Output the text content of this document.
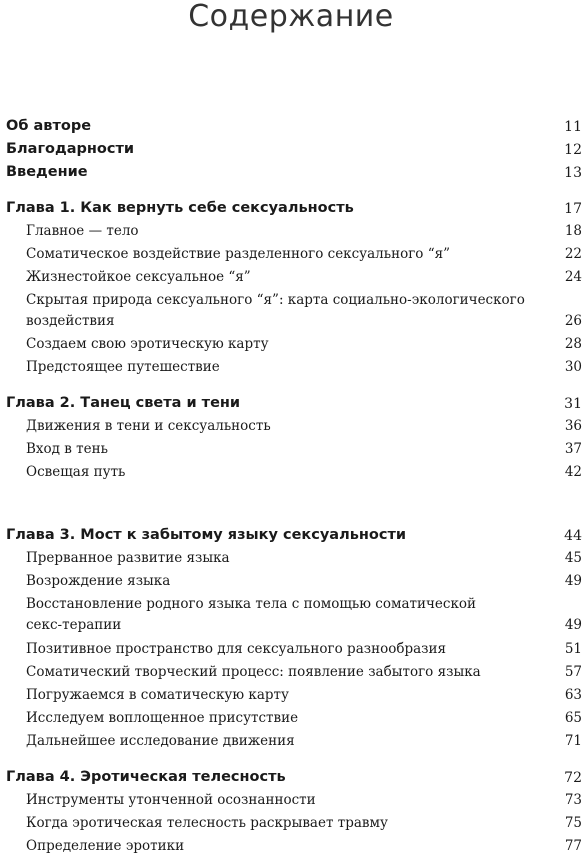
Содержание
Об авторе	11
Благодарности	12
Введение	13
Глава 1. Как вернуть себе сексуальность	17
Главное — тело	18
Соматическое воздействие разделенного сексуального “я”	22
Жизнестойкое сексуальное “я”	24
Скрытая природа сексуального “я”: карта социально-экологического
воздействия	26
Создаем свою эротическую карту	28
Предстоящее путешествие	30
Глава 2. Танец света и тени	31
Движения в тени и сексуальность	36
Вход в тень	37
Освещая путь	42
Глава 3. Мост к забытому языку сексуальности	44
Прерванное развитие языка	45
Возрождение языка	49
Восстановление родного языка тела с помощью соматической
секс-терапии	49
Позитивное пространство для сексуального разнообразия	51
Соматический творческий процесс: появление забытого языка	57
Погружаемся в соматическую карту	63
Исследуем воплощенное присутствие	65
Дальнейшее исследование движения	71
Глава 4. Эротическая телесность	72
Инструменты утонченной осознанности	73
Когда эротическая телесность раскрывает травму	75
Определение эротики	77
